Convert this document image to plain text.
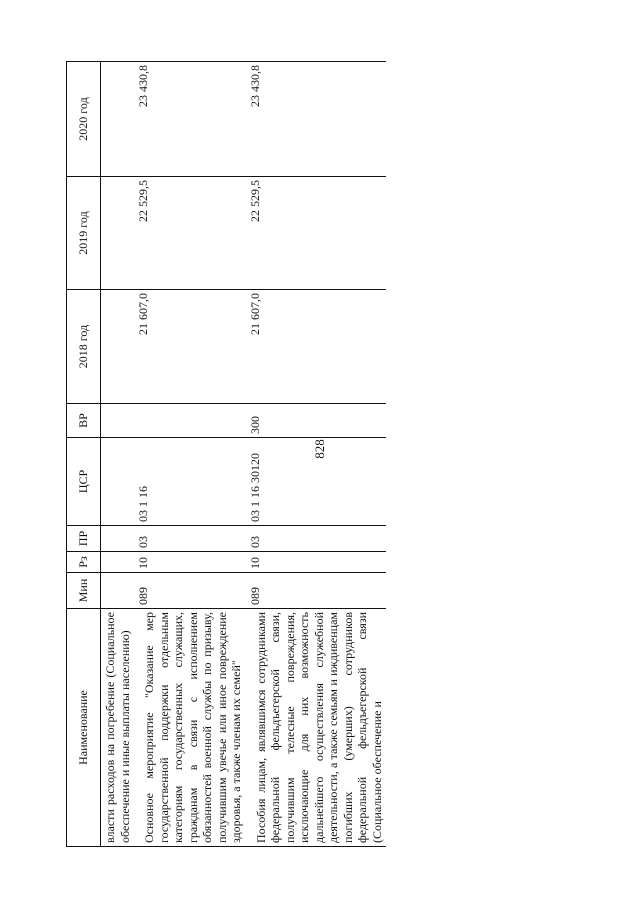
828
Наименование	Мин	Рз	ПР	ЦСР	ВР	2018 год	2019 год	2020 год
власти расходов на погребение (Социальное обеспечение и иные выплаты населению)								
Основное мероприятие "Оказание мер государственной поддержки отдельным категориям государственных служащих, гражданам в связи с исполнением обязанностей военной службы по призыву, получившим увечье или иное повреждение здоровья, а также членам их семей"	089	10	03	03 1 16		21 607,0	22 529,5	23 430,8
Пособия лицам, являвшимся сотрудниками федеральной фельдъегерской связи, получившим телесные повреждения, исключающие для них возможность дальнейшего осуществления служебной деятельности, а также семьям и иждивенцам погибших (умерших) сотрудников федеральной фельдъегерской связи (Социальное обеспечение и	089	10	03	03 1 16 30120	300	21 607,0	22 529,5	23 430,8
